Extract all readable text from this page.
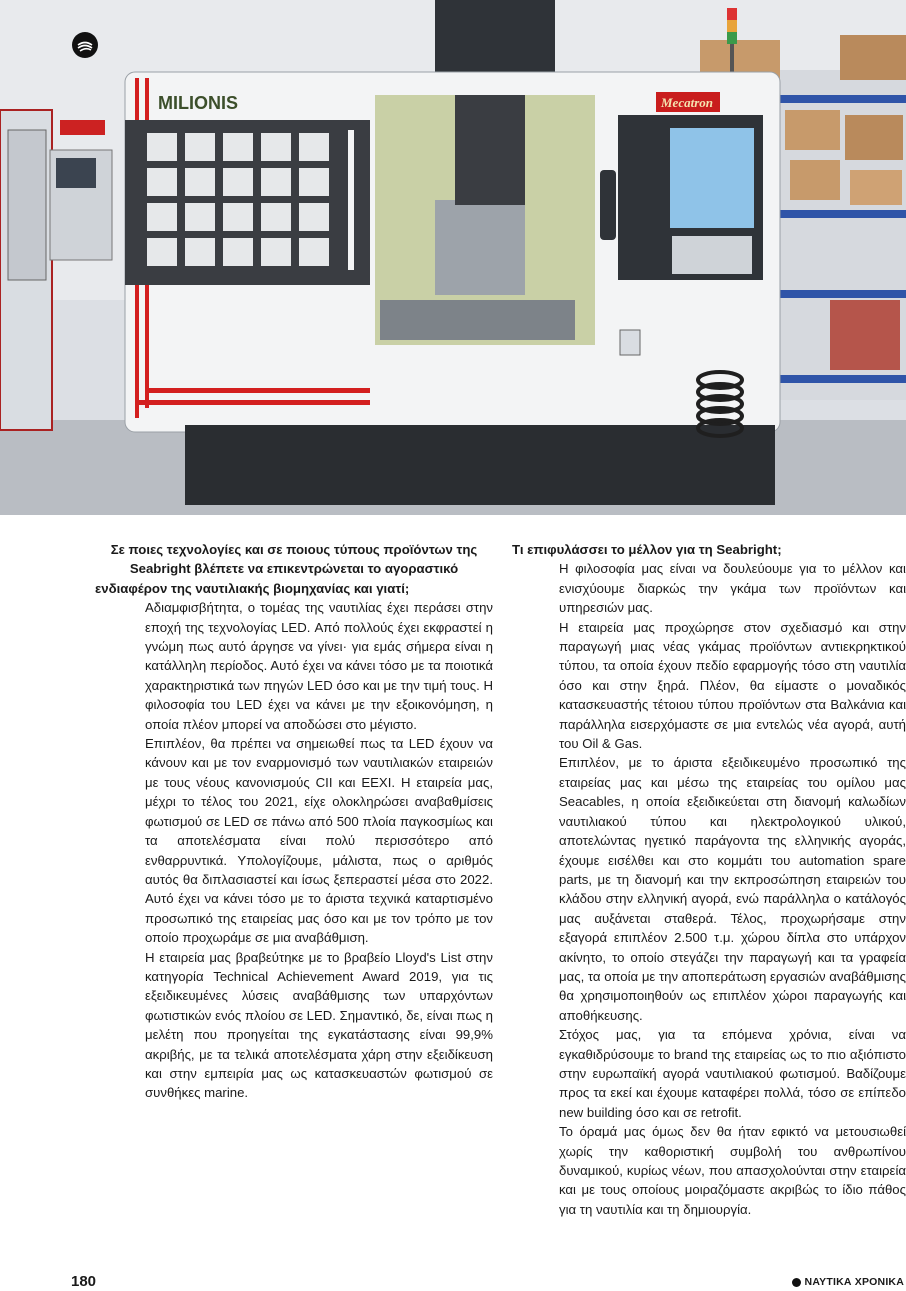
MILIONIS	Mecatron

Σε ποιες τεχνολογίες και σε ποιους τύπους προϊόντων της Seabright βλέπετε να επικεντρώνεται το αγοραστικό ενδιαφέρον της ναυτιλιακής βιομηχανίας και γιατί;

Αδιαμφισβήτητα, ο τομέας της ναυτιλίας έχει περάσει στην εποχή της τεχνολογίας LED. Από πολλούς έχει εκφραστεί η γνώμη πως αυτό άργησε να γίνει· για εμάς σήμερα είναι η κατάλληλη περίοδος. Αυτό έχει να κάνει τόσο με τα ποιοτικά χαρακτηριστικά των πηγών LED όσο και με την τιμή τους. Η φιλοσοφία του LED έχει να κάνει με την εξοικονόμηση, η οποία πλέον μπορεί να αποδώσει στο μέγιστο.

Επιπλέον, θα πρέπει να σημειωθεί πως τα LED έχουν να κάνουν και με τον εναρμονισμό των ναυτιλιακών εταιρειών με τους νέους κανονισμούς CII και EEXI. Η εταιρεία μας, μέχρι το τέλος του 2021, είχε ολοκληρώσει αναβαθμίσεις φωτισμού σε LED σε πάνω από 500 πλοία παγκοσμίως και τα αποτελέσματα είναι πολύ περισσότερο από ενθαρρυντικά. Υπολογίζουμε, μάλιστα, πως ο αριθμός αυτός θα διπλασιαστεί και ίσως ξεπεραστεί μέσα στο 2022. Αυτό έχει να κάνει τόσο με το άριστα τεχνικά καταρτισμένο προσωπικό της εταιρείας μας όσο και με τον τρόπο με τον οποίο προχωράμε σε μια αναβάθμιση.

Η εταιρεία μας βραβεύτηκε με το βραβείο Lloyd's List στην κατηγορία Technical Achievement Award 2019, για τις εξειδικευμένες λύσεις αναβάθμισης των υπαρχόντων φωτιστικών ενός πλοίου σε LED. Σημαντικό, δε, είναι πως η μελέτη που προηγείται της εγκατάστασης είναι 99,9% ακριβής, με τα τελικά αποτελέσματα χάρη στην εξειδίκευση και στην εμπειρία μας ως κατασκευαστών φωτισμού σε συνθήκες marine.

Τι επιφυλάσσει το μέλλον για τη Seabright;

Η φιλοσοφία μας είναι να δουλεύουμε για το μέλλον και ενισχύουμε διαρκώς την γκάμα των προϊόντων και υπηρεσιών μας.

Η εταιρεία μας προχώρησε στον σχεδιασμό και στην παραγωγή μιας νέας γκάμας προϊόντων αντιεκρηκτικού τύπου, τα οποία έχουν πεδίο εφαρμογής τόσο στη ναυτιλία όσο και στην ξηρά. Πλέον, θα είμαστε ο μοναδικός κατασκευαστής τέτοιου τύπου προϊόντων στα Βαλκάνια και παράλληλα εισερχόμαστε σε μια εντελώς νέα αγορά, αυτή του Oil & Gas.

Επιπλέον, με το άριστα εξειδικευμένο προσωπικό της εταιρείας μας και μέσω της εταιρείας του ομίλου μας Seacables, η οποία εξειδικεύεται στη διανομή καλωδίων ναυτιλιακού τύπου και ηλεκτρολογικού υλικού, αποτελώντας ηγετικό παράγοντα της ελληνικής αγοράς, έχουμε εισέλθει και στο κομμάτι του automation spare parts, με τη διανομή και την εκπροσώπηση εταιρειών του κλάδου στην ελληνική αγορά, ενώ παράλληλα ο κατάλογός μας αυξάνεται σταθερά. Τέλος, προχωρήσαμε στην εξαγορά επιπλέον 2.500 τ.μ. χώρου δίπλα στο υπάρχον ακίνητο, το οποίο στεγάζει την παραγωγή και τα γραφεία μας, τα οποία με την αποπεράτωση εργασιών αναβάθμισης θα χρησιμοποιηθούν ως επιπλέον χώροι παραγωγής και αποθήκευσης.

Στόχος μας, για τα επόμενα χρόνια, είναι να εγκαθιδρύσουμε το brand της εταιρείας ως το πιο αξιόπιστο στην ευρωπαϊκή αγορά ναυτιλιακού φωτισμού. Βαδίζουμε προς τα εκεί και έχουμε καταφέρει πολλά, τόσο σε επίπεδο new building όσο και σε retrofit.

Το όραμά μας όμως δεν θα ήταν εφικτό να μετουσιωθεί χωρίς την καθοριστική συμβολή του ανθρωπίνου δυναμικού, κυρίως νέων, που απασχολούνται στην εταιρεία και με τους οποίους μοιραζόμαστε ακριβώς το ίδιο πάθος για τη ναυτιλία και τη δημιουργία.

180	ΝΑΥΤΙΚΑ ΧΡΟΝΙΚΑ
